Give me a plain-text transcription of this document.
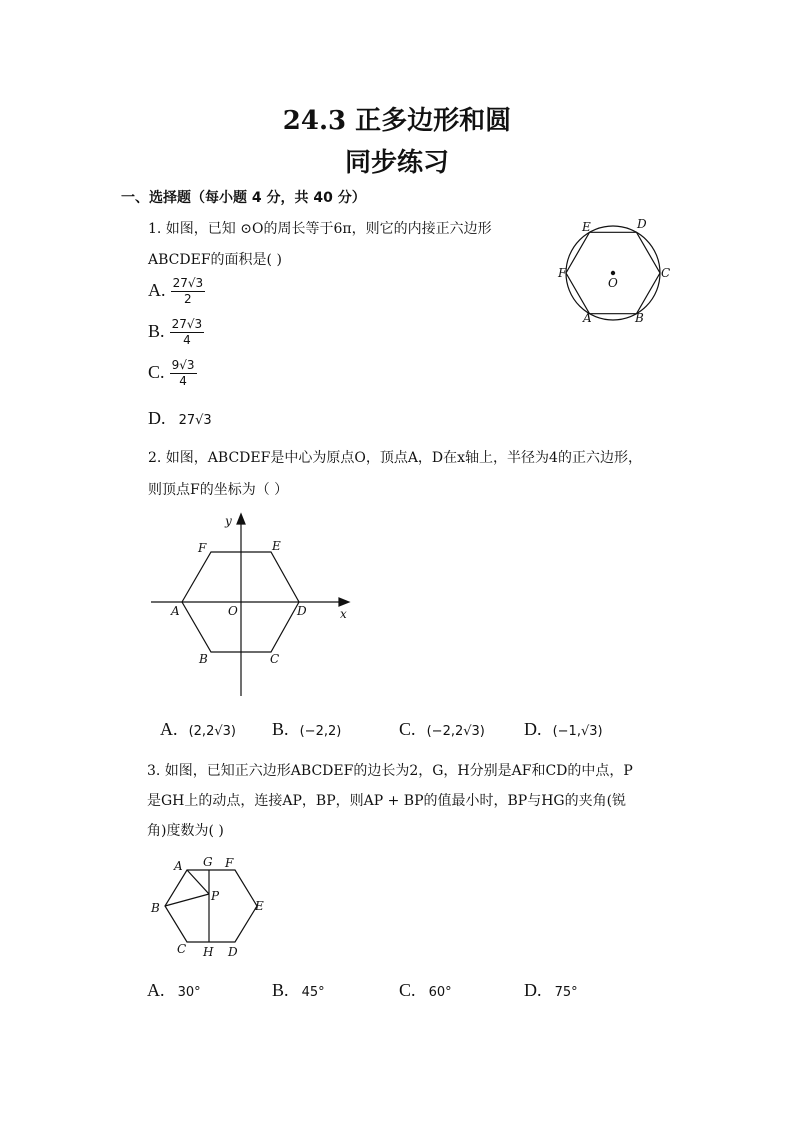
24.3 正多边形和圆
同步练习
一、选择题（每小题 4 分，共 40 分）
1. 如图，已知 ⊙O的周长等于6π，则它的内接正六边形
ABCDEF的面积是( )
A. $\frac{27√3}{2}$
B. $\frac{27√3}{4}$
C. $\frac{9√3}{4}$
D. 27√3
E	D
F	C
A	B
O
2. 如图，ABCDEF是中心为原点O，顶点A，D在x轴上，半径为4的正六边形，
则顶点F的坐标为（ ）
y
x
F	E
A	O	D
B	C
A. (2,2√3) B. (−2,2)	C. (−2,2√3) D. (−1,√3)
3. 如图，已知正六边形ABCDEF的边长为2，G，H分别是AF和CD的中点，P
是GH上的动点，连接AP，BP，则AP + BP的值最小时，BP与HG的夹角(锐
角)度数为( )
A G F
P
B	E
C H D
A. 30°	B. 45°	C. 60°	D. 75°
